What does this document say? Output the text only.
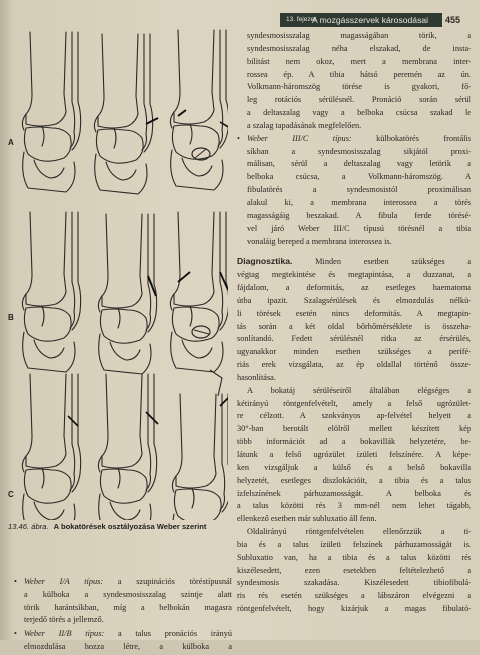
13. fejezet
A mozgásszervek károsodásai 455
A
B
C
13.46. ábra. A bokatörések osztályozása Weber szerint
• Weber I/A típus: a szupinációs töréstípusnál
a külboka a syndesmosisszalag szintje alatt
törik harántsíkban, míg a belbokán magasra
terjedő törés a jellemző.
• Weber II/B típus: a talus pronációs irányú
elmozdulása hozza létre, a külboka a
syndesmosisszalag magasságában törik, a
syndesmosisszalag néha elszakad, de insta-
bilitást nem okoz, mert a membrana inter-
rossea ép. A tibia hátsó peremén az ún.
Volkmann-háromszög törése is gyakori, fő-
leg rotációs sérülésnél. Pronáció során sérül
a deltaszalag vagy a belboka csúcsa szakad le
a szalag tapadásának megfelelően.
• Weber III/C típus:	külbokatörés frontális
síkban a syndesmosisszalag sikjától proxi-
málisan, sérül a deltaszalag vagy letörik a
belboka csúcsa, a Volkmann-háromszög. A
fibulatörés a syndesmosistól proximálisan
alakul ki, a membrana interossea a törés
magasságáig beszakad. A fibula ferde törésé-
vel járó Weber III/C típusú törésnél a tibia
vonaláig bereped a membrana interossea is.
Diagnosztika.	Minden esetben szükséges a
végtag megtekintése és megtapintása, a duzzanat, a
fájdalom, a deformitás, az esetleges haematoma
útba ipazit. Szalagsérülések és elmozdulás nélkü-
li törések esetén nincs deformitás. A megtapin-
tás során a két oldal bőrhőmérséklete is összeha-
sonlítandó. Fedett sérülésnél ritka az érsérülés,
ugyanakkor minden esetben szükséges a perifé-
riás erek vizsgálata, az ép oldallal történő össze-
hasonlítása.
A bokatáj sérüléseiről általában elégséges a
kétirányú röntgenfelvételt, amely a felső ugrózület-
re célzott. A szokványos ap-felvétel helyett a
30°-ban berotált elölről mellett készített kép
több információt ad a bokavillák helyzetére, be-
látunk a felső ugrózület ízületi felszínére. A képe-
ken vizsgáljuk a külső és a belső bokavilla
helyzetét, esetleges diszlokációit, a tibia és a talus
ízfelszínének párhuzamosságát. A belboka és
a talus közötti rés 3 mm-nél nem lehet tágabb,
ellenkező esetben már subluxatio áll fenn.
Oldalirányú röntgenfelvételen ellenőrzzük a ti-
bia és a talus ízületi felszínek párhuzamosságát is.
Subluxatio van, ha a tibia és a talus közötti rés
kiszélesedett, ezen esetekben feltételezhető a
syndesmosis szakadása. Kiszélesedett tibiofibulá-
ris rés esetén szükséges a lábszáron elvégezni a
röntgenfelvételt, hogy kizárjuk a magas fibulató-
